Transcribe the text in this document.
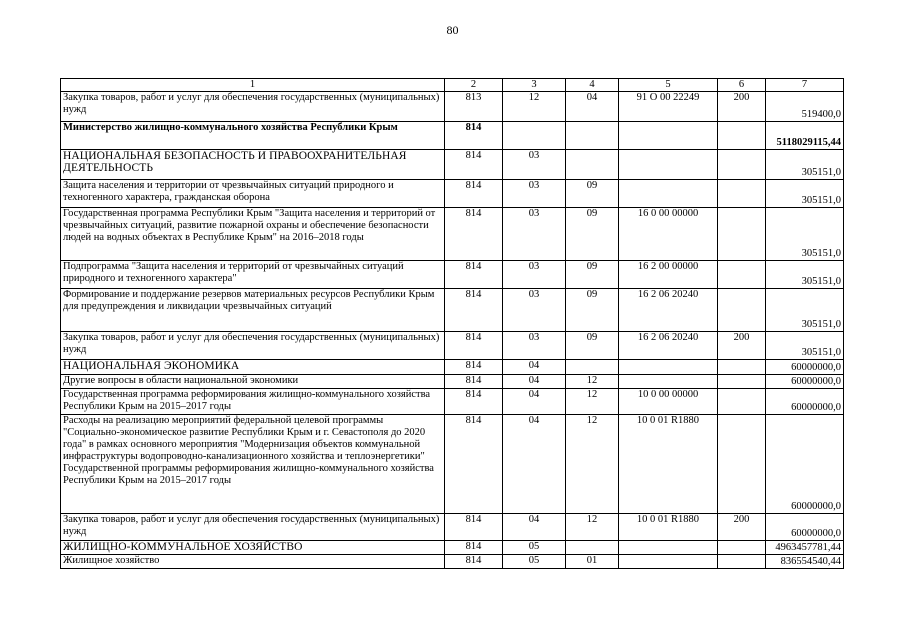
80
1	2	3	4	5	6	7
Закупка товаров, работ и услуг для обеспечения государственных (муниципальных) нужд	813	12	04	91 О 00 22249	200	519400,0
Министерство жилищно-коммунального хозяйства Республики Крым	814					5118029115,44
НАЦИОНАЛЬНАЯ БЕЗОПАСНОСТЬ И ПРАВООХРАНИТЕЛЬНАЯ ДЕЯТЕЛЬНОСТЬ	814	03				305151,0
Защита населения и территории от чрезвычайных ситуаций природного и техногенного характера, гражданская оборона	814	03	09			305151,0
Государственная программа Республики Крым "Защита населения и территорий от чрезвычайных ситуаций, развитие пожарной охраны и обеспечение безопасности людей на водных объектах в Республике Крым" на 2016–2018 годы	814	03	09	16 0 00 00000		305151,0
Подпрограмма "Защита населения и территорий от чрезвычайных ситуаций природного и техногенного характера"	814	03	09	16 2 00 00000		305151,0
Формирование и поддержание резервов материальных ресурсов Республики Крым для предупреждения и ликвидации чрезвычайных ситуаций	814	03	09	16 2 06 20240		305151,0
Закупка товаров, работ и услуг для обеспечения государственных (муниципальных) нужд	814	03	09	16 2 06 20240	200	305151,0
НАЦИОНАЛЬНАЯ ЭКОНОМИКА	814	04				60000000,0
Другие вопросы в области национальной экономики	814	04	12			60000000,0
Государственная программа реформирования жилищно-коммунального хозяйства Республики Крым на 2015–2017 годы	814	04	12	10 0 00 00000		60000000,0
Расходы на реализацию мероприятий федеральной целевой программы "Социально-экономическое развитие Республики Крым и г. Севастополя до 2020 года" в рамках основного мероприятия "Модернизация объектов коммунальной инфраструктуры водопроводно-канализационного хозяйства и теплоэнергетики" Государственной программы реформирования жилищно-коммунального хозяйства Республики Крым на 2015–2017 годы	814	04	12	10 0 01 R1880		60000000,0
Закупка товаров, работ и услуг для обеспечения государственных (муниципальных) нужд	814	04	12	10 0 01 R1880	200	60000000,0
ЖИЛИЩНО-КОММУНАЛЬНОЕ ХОЗЯЙСТВО	814	05				4963457781,44
Жилищное хозяйство	814	05	01			836554540,44
